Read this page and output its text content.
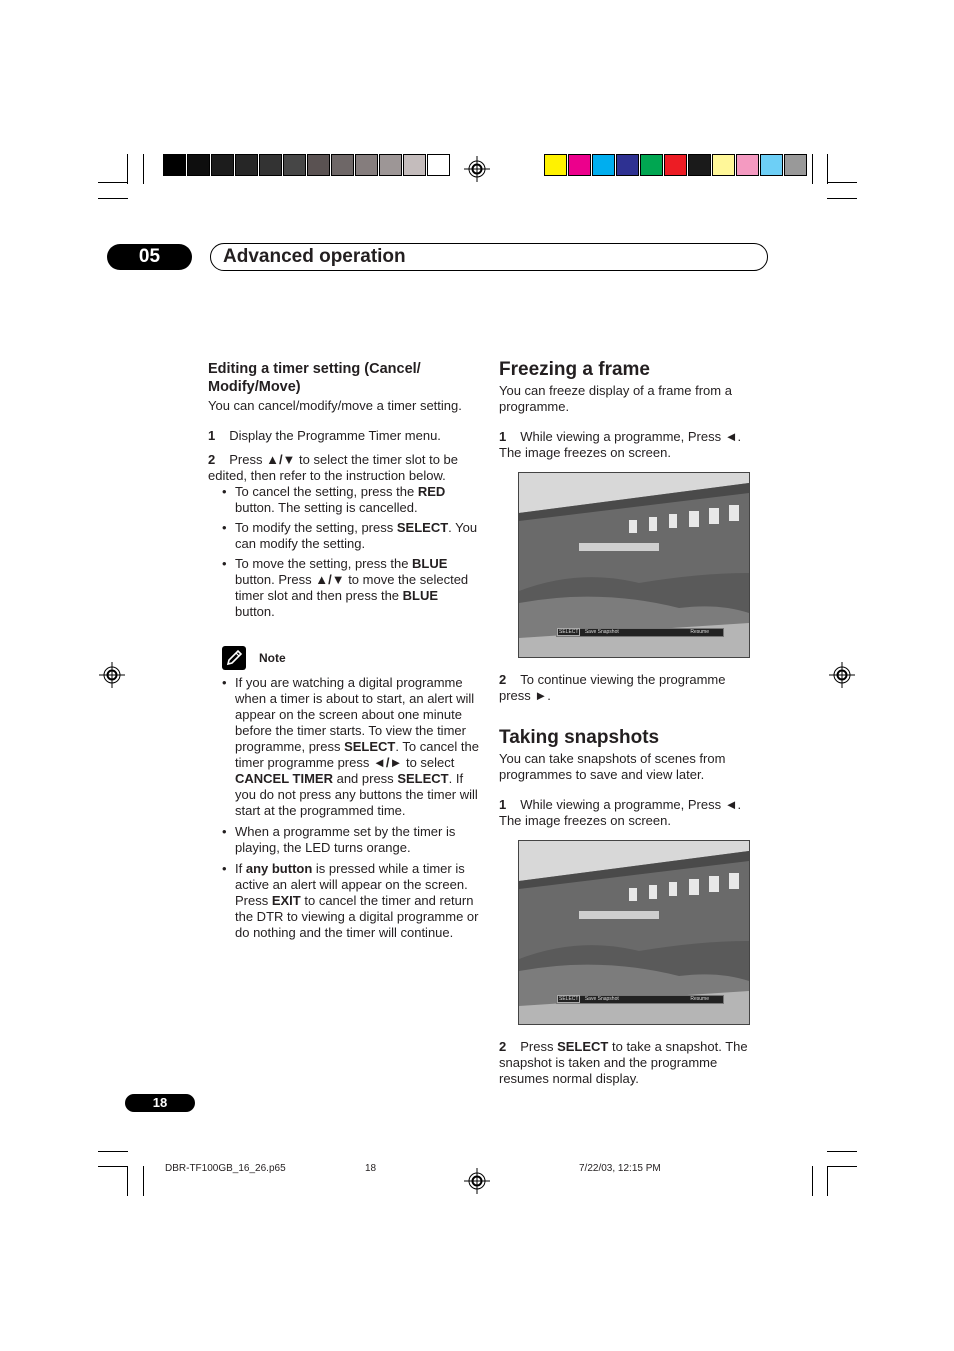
05	Advanced operation

Editing a timer setting (Cancel/ Modify/Move)

You can cancel/modify/move a timer setting.

1 Display the Programme Timer menu.

2 Press ▲/▼ to select the timer slot to be edited, then refer to the instruction below.

• To cancel the setting, press the RED button. The setting is cancelled.
• To modify the setting, press SELECT. You can modify the setting.
• To move the setting, press the BLUE button. Press ▲/▼ to move the selected timer slot and then press the BLUE button.
Note
• If you are watching a digital programme when a timer is about to start, an alert will appear on the screen about one minute before the timer starts. To view the timer programme, press SELECT. To cancel the timer programme press ◄/► to select CANCEL TIMER and press SELECT. If you do not press any buttons the timer will start at the programmed time.
• When a programme set by the timer is playing, the LED turns orange.
• If any button is pressed while a timer is active an alert will appear on the screen. Press EXIT to cancel the timer and return the DTR to viewing a digital programme or do nothing and the timer will continue.

Freezing a frame

You can freeze display of a frame from a programme.

1 While viewing a programme, Press ◄. The image freezes on screen.

SELECT Save Snapshot	Resume

2 To continue viewing the programme press ►.

Taking snapshots

You can take snapshots of scenes from programmes to save and view later.

1 While viewing a programme, Press ◄. The image freezes on screen.

SELECT Save Snapshot	Resume

2 Press SELECT to take a snapshot. The snapshot is taken and the programme resumes normal display.

18
DBR-TF100GB_16_26.p65	18	7/22/03, 12:15 PM
